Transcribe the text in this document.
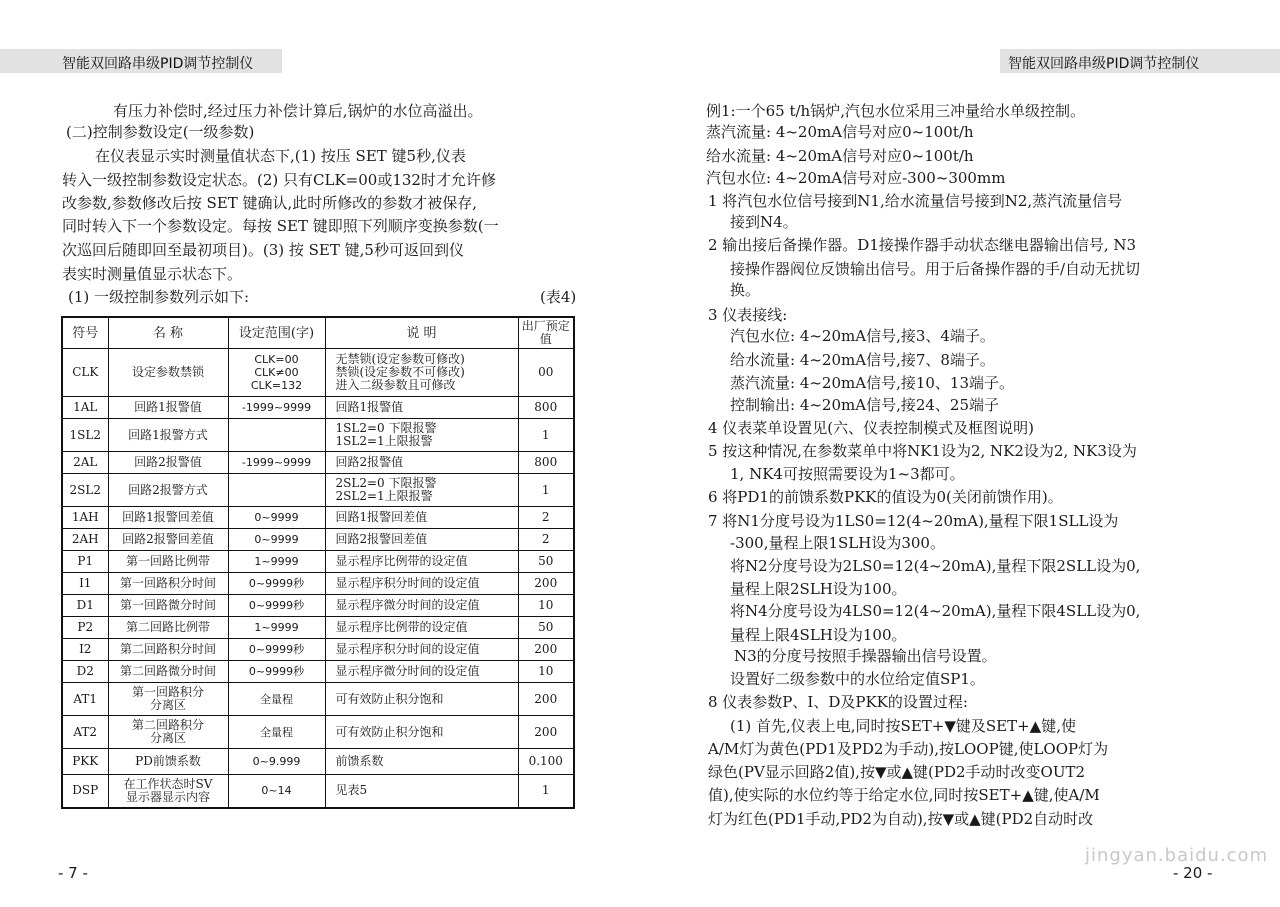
智能双回路串级PID调节控制仪	智能双回路串级PID调节控制仪
有压力补偿时,经过压力补偿计算后,锅炉的水位高溢出。
(二)控制参数设定(一级参数)
在仪表显示实时测量值状态下,(1) 按压 SET 键5秒,仪表
转入一级控制参数设定状态。(2) 只有CLK=00或132时才允许修
改参数,参数修改后按 SET 键确认,此时所修改的参数才被保存,
同时转入下一个参数设定。每按 SET 键即照下列顺序变换参数(一
次巡回后随即回至最初项目)。(3) 按 SET 键,5秒可返回到仪
表实时测量值显示状态下。
(1) 一级控制参数列示如下:	(表4)
符号	名 称	设定范围(字)	说 明	出厂预定值
CLK	设定参数禁锁	CLK=00
CLK≠00
CLK=132	无禁锁(设定参数可修改)
禁锁(设定参数不可修改)
进入二级参数且可修改	00
1AL	回路1报警值	-1999~9999	回路1报警值	800
1SL2	回路1报警方式		1SL2=0 下限报警
1SL2=1上限报警	1
2AL	回路2报警值	-1999~9999	回路2报警值	800
2SL2	回路2报警方式		2SL2=0 下限报警
2SL2=1上限报警	1
1AH	回路1报警回差值	0~9999	回路1报警回差值	2
2AH	回路2报警回差值	0~9999	回路2报警回差值	2
P1	第一回路比例带	1~9999	显示程序比例带的设定值	50
I1	第一回路积分时间	0~9999秒	显示程序积分时间的设定值	200
D1	第一回路微分时间	0~9999秒	显示程序微分时间的设定值	10
P2	第二回路比例带	1~9999	显示程序比例带的设定值	50
I2	第二回路积分时间	0~9999秒	显示程序积分时间的设定值	200
D2	第二回路微分时间	0~9999秒	显示程序微分时间的设定值	10
AT1	第一回路积分
分离区	全量程	可有效防止积分饱和	200
AT2	第二回路积分
分离区	全量程	可有效防止积分饱和	200
PKK	PD前馈系数	0~9.999	前馈系数	0.100
DSP	在工作状态时SV
显示器显示内容	0~14	见表5	1
- 7 -
例1:一个65 t/h锅炉,汽包水位采用三冲量给水单级控制。
蒸汽流量: 4~20mA信号对应0~100t/h
给水流量: 4~20mA信号对应0~100t/h
汽包水位: 4~20mA信号对应-300~300mm
1 将汽包水位信号接到N1,给水流量信号接到N2,蒸汽流量信号
接到N4。
2 输出接后备操作器。D1接操作器手动状态继电器输出信号, N3
接操作器阀位反馈输出信号。用于后备操作器的手/自动无扰切
换。
3 仪表接线:
汽包水位: 4~20mA信号,接3、4端子。
给水流量: 4~20mA信号,接7、8端子。
蒸汽流量: 4~20mA信号,接10、13端子。
控制输出: 4~20mA信号,接24、25端子
4 仪表菜单设置见(六、仪表控制模式及框图说明)
5 按这种情况,在参数菜单中将NK1设为2, NK2设为2, NK3设为
1, NK4可按照需要设为1~3都可。
6 将PD1的前馈系数PKK的值设为0(关闭前馈作用)。
7 将N1分度号设为1LS0=12(4~20mA),量程下限1SLL设为
-300,量程上限1SLH设为300。
将N2分度号设为2LS0=12(4~20mA),量程下限2SLL设为0,
量程上限2SLH设为100。
将N4分度号设为4LS0=12(4~20mA),量程下限4SLL设为0,
量程上限4SLH设为100。
N3的分度号按照手操器输出信号设置。
设置好二级参数中的水位给定值SP1。
8 仪表参数P、I、D及PKK的设置过程:
(1) 首先,仪表上电,同时按SET+▼键及SET+▲键,使
A/M灯为黄色(PD1及PD2为手动),按LOOP键,使LOOP灯为
绿色(PV显示回路2值),按▼或▲键(PD2手动时改变OUT2
值),使实际的水位约等于给定水位,同时按SET+▲键,使A/M
灯为红色(PD1手动,PD2为自动),按▼或▲键(PD2自动时改
- 20 -
jingyan.baidu.com
